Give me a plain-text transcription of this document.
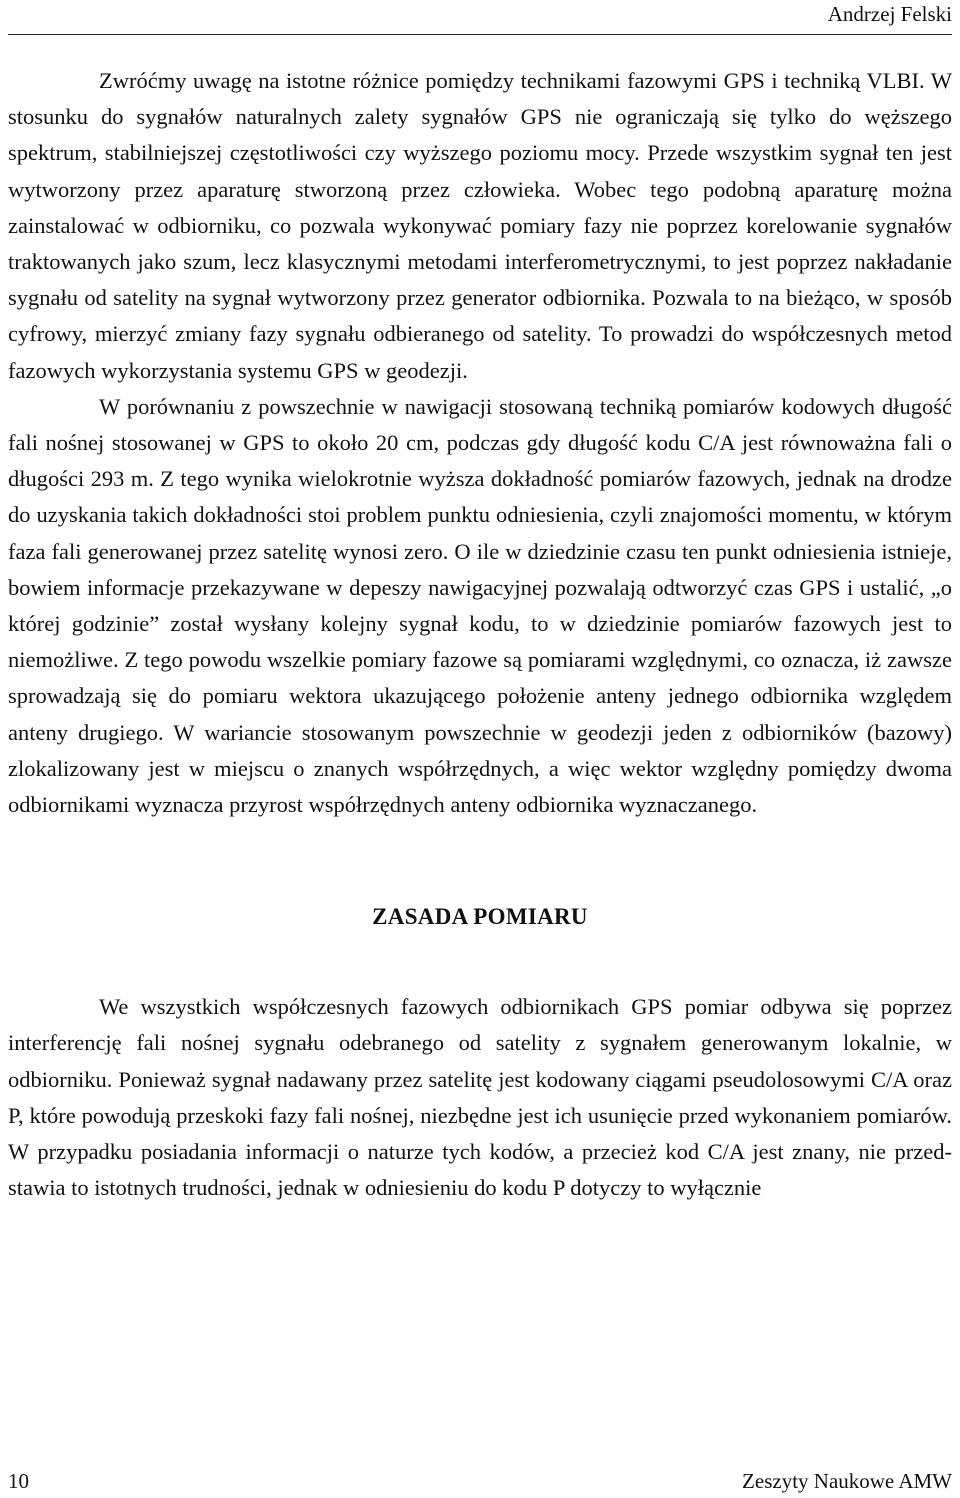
Andrzej Felski

Zwróćmy uwagę na istotne różnice pomiędzy technikami fazowymi GPS i techniką VLBI. W stosunku do sygnałów naturalnych zalety sygnałów GPS nie ograniczają się tylko do węższego spektrum, stabilniejszej częstotliwości czy wyższego poziomu mocy. Przede wszystkim sygnał ten jest wytworzony przez aparaturę stworzoną przez człowieka. Wobec tego podobną aparaturę można zainstalować w odbiorniku, co pozwala wykonywać pomiary fazy nie poprzez korelowanie sygnałów traktowanych jako szum, lecz klasycznymi metodami interferometrycznymi, to jest poprzez nakładanie sygnału od satelity na sygnał wytworzony przez generator odbiornika. Pozwala to na bieżąco, w sposób cyfrowy, mierzyć zmiany fazy sygnału odbieranego od satelity. To prowadzi do współczesnych metod fazowych wykorzystania systemu GPS w geodezji.

W porównaniu z powszechnie w nawigacji stosowaną techniką pomiarów kodowych długość fali nośnej stosowanej w GPS to około 20 cm, podczas gdy długość kodu C/A jest równoważna fali o długości 293 m. Z tego wynika wielokrotnie wyższa dokładność pomiarów fazowych, jednak na drodze do uzyskania takich dokładności stoi problem punktu odniesienia, czyli znajomości momentu, w którym faza fali generowanej przez satelitę wynosi zero. O ile w dziedzinie czasu ten punkt odniesienia istnieje, bowiem informacje przekazywane w depeszy nawigacyjnej pozwalają odtworzyć czas GPS i ustalić, „o której godzinie” został wysłany kolejny sygnał kodu, to w dziedzinie pomiarów fazowych jest to niemożliwe. Z tego powodu wszelkie pomiary fazowe są pomiarami względnymi, co oznacza, iż zawsze sprowadzają się do pomiaru wektora ukazującego położenie anteny jednego odbiornika względem anteny drugiego. W wariancie stosowanym powszechnie w geodezji jeden z odbiorników (bazowy) zlokalizowany jest w miejscu o znanych współrzędnych, a więc wektor względny pomiędzy dwoma odbiornikami wyznacza przyrost współrzędnych anteny odbiornika wyznaczanego.

ZASADA POMIARU

We wszystkich współczesnych fazowych odbiornikach GPS pomiar odbywa się poprzez interferencję fali nośnej sygnału odebranego od satelity z sygnałem generowanym lokalnie, w odbiorniku. Ponieważ sygnał nadawany przez satelitę jest kodowany ciągami pseudolosowymi C/A oraz P, które powodują przeskoki fazy fali nośnej, niezbędne jest ich usunięcie przed wykonaniem pomiarów. W przypadku posiadania informacji o naturze tych kodów, a przecież kod C/A jest znany, nie przedstawia to istotnych trudności, jednak w odniesieniu do kodu P dotyczy to wyłącznie

10	Zeszyty Naukowe AMW
